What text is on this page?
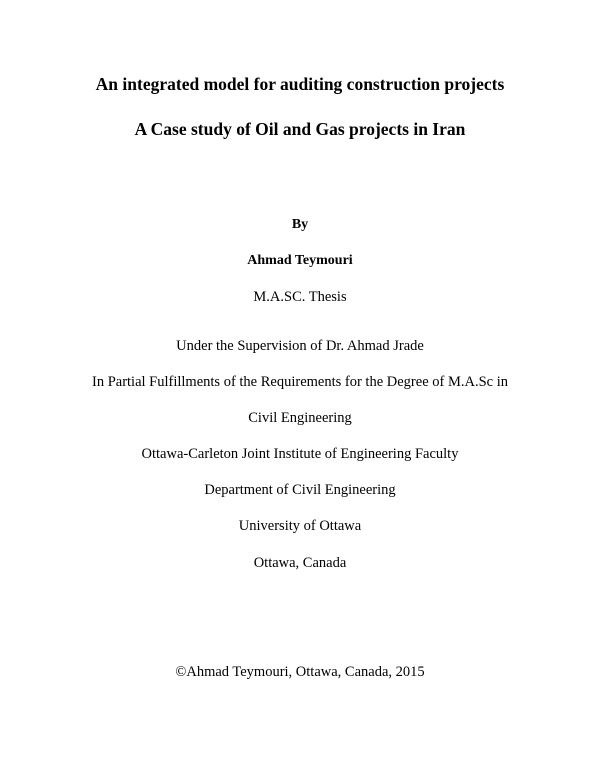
An integrated model for auditing construction projects
A Case study of Oil and Gas projects in Iran
By
Ahmad Teymouri
M.A.SC. Thesis
Under the Supervision of Dr. Ahmad Jrade
In Partial Fulfillments of the Requirements for the Degree of M.A.Sc in
Civil Engineering
Ottawa-Carleton Joint Institute of Engineering Faculty
Department of Civil Engineering
University of Ottawa
Ottawa, Canada
©Ahmad Teymouri, Ottawa, Canada, 2015
